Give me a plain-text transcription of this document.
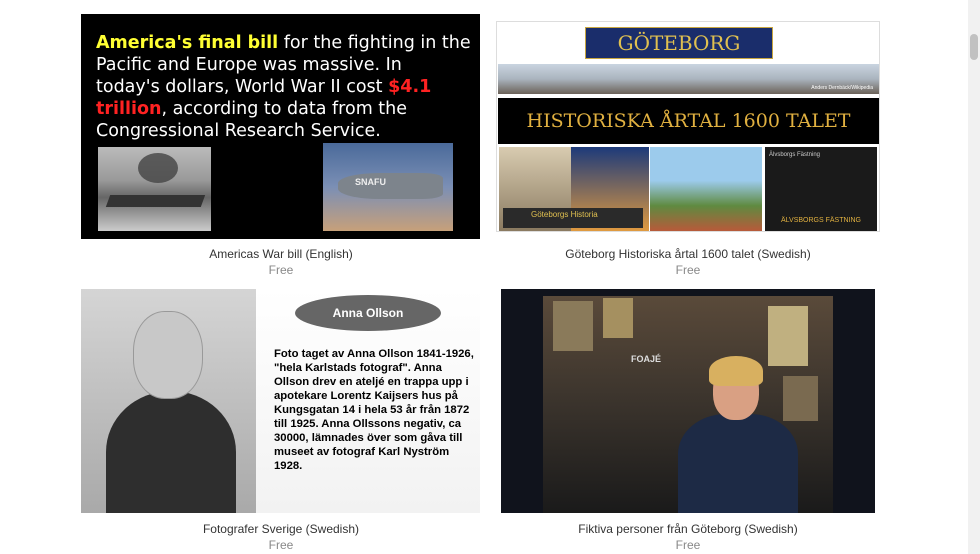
America's final bill for the fighting in the Pacific and Europe was massive. In today's dollars, World War II cost $4.1 trillion, according to data from the Congressional Research Service.
SNAFU
Americas War bill (English)
Free
GÖTEBORG
Anders Dernbäck/Wikipedia
HISTORISKA ÅRTAL 1600 TALET
Göteborgs Historia
Älvsborgs Fästning
ÄLVSBORGS FÄSTNING
Göteborg Historiska årtal 1600 talet (Swedish)
Free
Anna Ollson
Foto taget av Anna Ollson 1841-1926, "hela Karlstads fotograf". Anna Ollson drev en ateljé en trappa upp i apotekare Lorentz Kaijsers hus på Kungsgatan 14 i hela 53 år från 1872 till 1925. Anna Ollssons negativ, ca 30000, lämnades över som gåva till museet av fotograf Karl Nyström 1928.
Fotografer Sverige (Swedish)
Free
FOAJÉ
Fiktiva personer från Göteborg (Swedish)
Free
